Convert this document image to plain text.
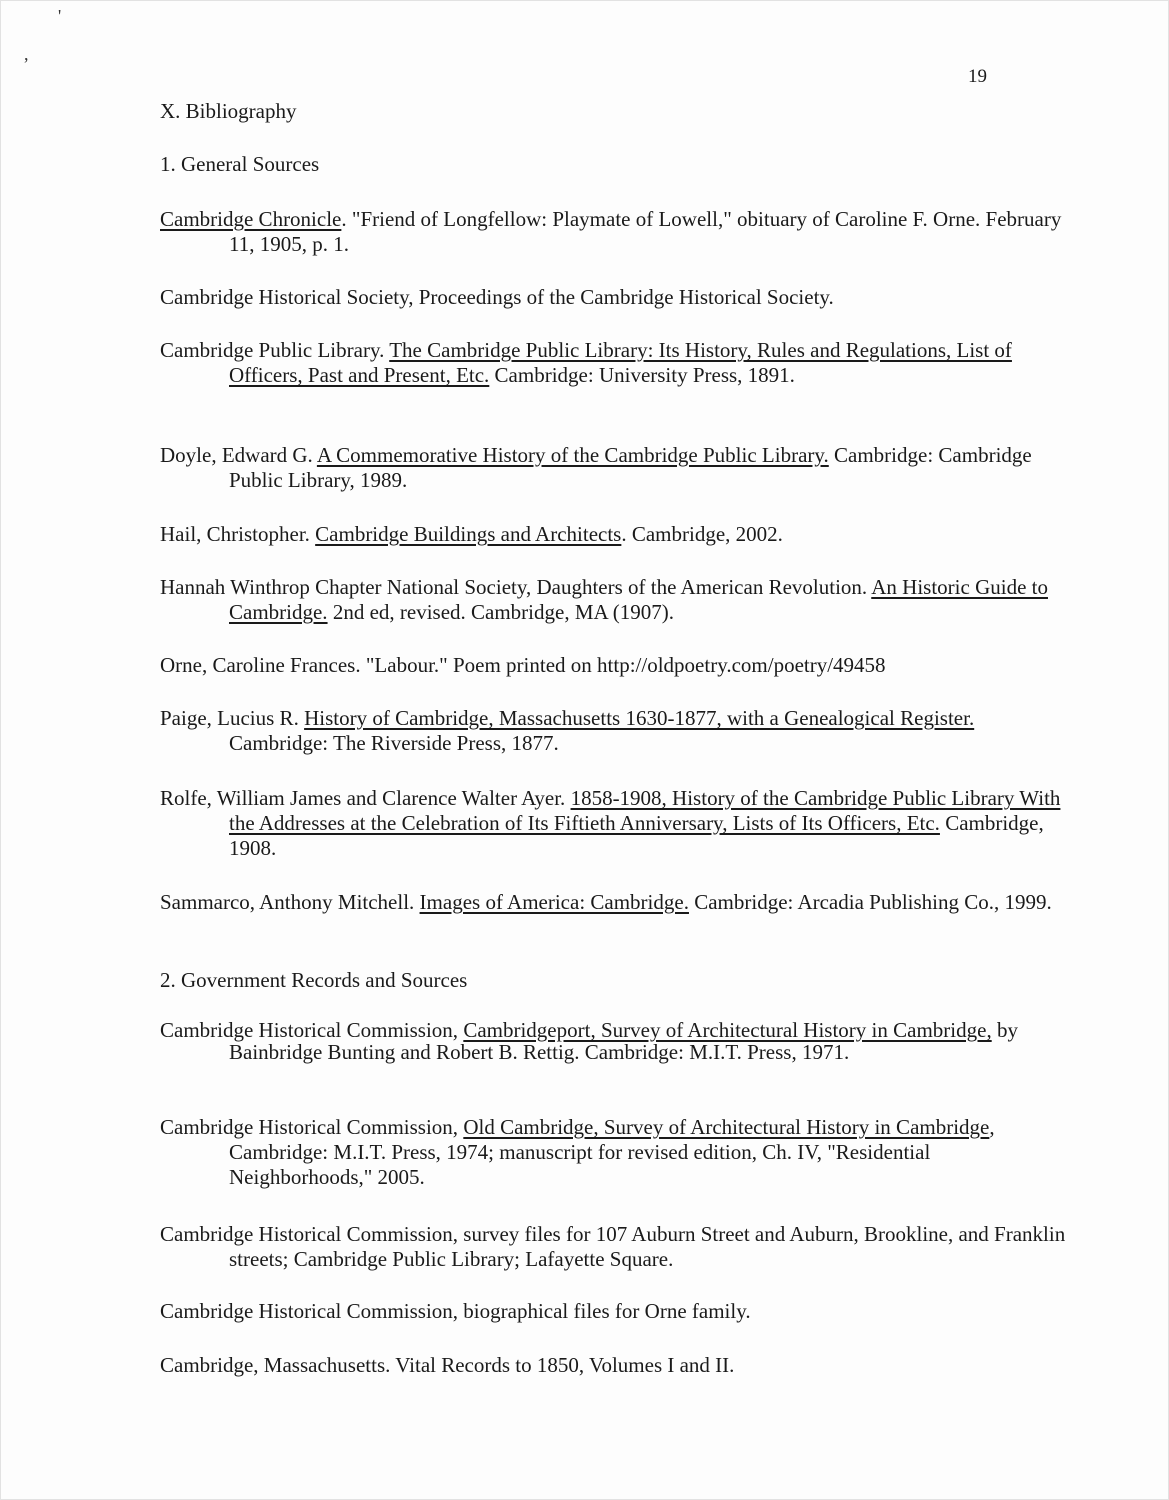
'
,
19
X. Bibliography
1. General Sources
Cambridge Chronicle. "Friend of Longfellow: Playmate of Lowell," obituary of Caroline F. Orne. February 11, 1905, p. 1.
Cambridge Historical Society, Proceedings of the Cambridge Historical Society.
Cambridge Public Library. The Cambridge Public Library: Its History, Rules and Regulations, List of Officers, Past and Present, Etc. Cambridge: University Press, 1891.
Doyle, Edward G. A Commemorative History of the Cambridge Public Library. Cambridge: Cambridge Public Library, 1989.
Hail, Christopher. Cambridge Buildings and Architects. Cambridge, 2002.
Hannah Winthrop Chapter National Society, Daughters of the American Revolution. An Historic Guide to Cambridge. 2nd ed, revised. Cambridge, MA (1907).
Orne, Caroline Frances. "Labour." Poem printed on http://oldpoetry.com/poetry/49458
Paige, Lucius R. History of Cambridge, Massachusetts 1630-1877, with a Genealogical Register. Cambridge: The Riverside Press, 1877.
Rolfe, William James and Clarence Walter Ayer. 1858-1908, History of the Cambridge Public Library With the Addresses at the Celebration of Its Fiftieth Anniversary, Lists of Its Officers, Etc. Cambridge, 1908.
Sammarco, Anthony Mitchell. Images of America: Cambridge. Cambridge: Arcadia Publishing Co., 1999.
2. Government Records and Sources
Cambridge Historical Commission, Cambridgeport, Survey of Architectural History in Cambridge, by Bainbridge Bunting and Robert B. Rettig. Cambridge: M.I.T. Press, 1971.
Cambridge Historical Commission, Old Cambridge, Survey of Architectural History in Cambridge, Cambridge: M.I.T. Press, 1974; manuscript for revised edition, Ch. IV, "Residential Neighborhoods," 2005.
Cambridge Historical Commission, survey files for 107 Auburn Street and Auburn, Brookline, and Franklin streets; Cambridge Public Library; Lafayette Square.
Cambridge Historical Commission, biographical files for Orne family.
Cambridge, Massachusetts. Vital Records to 1850, Volumes I and II.
